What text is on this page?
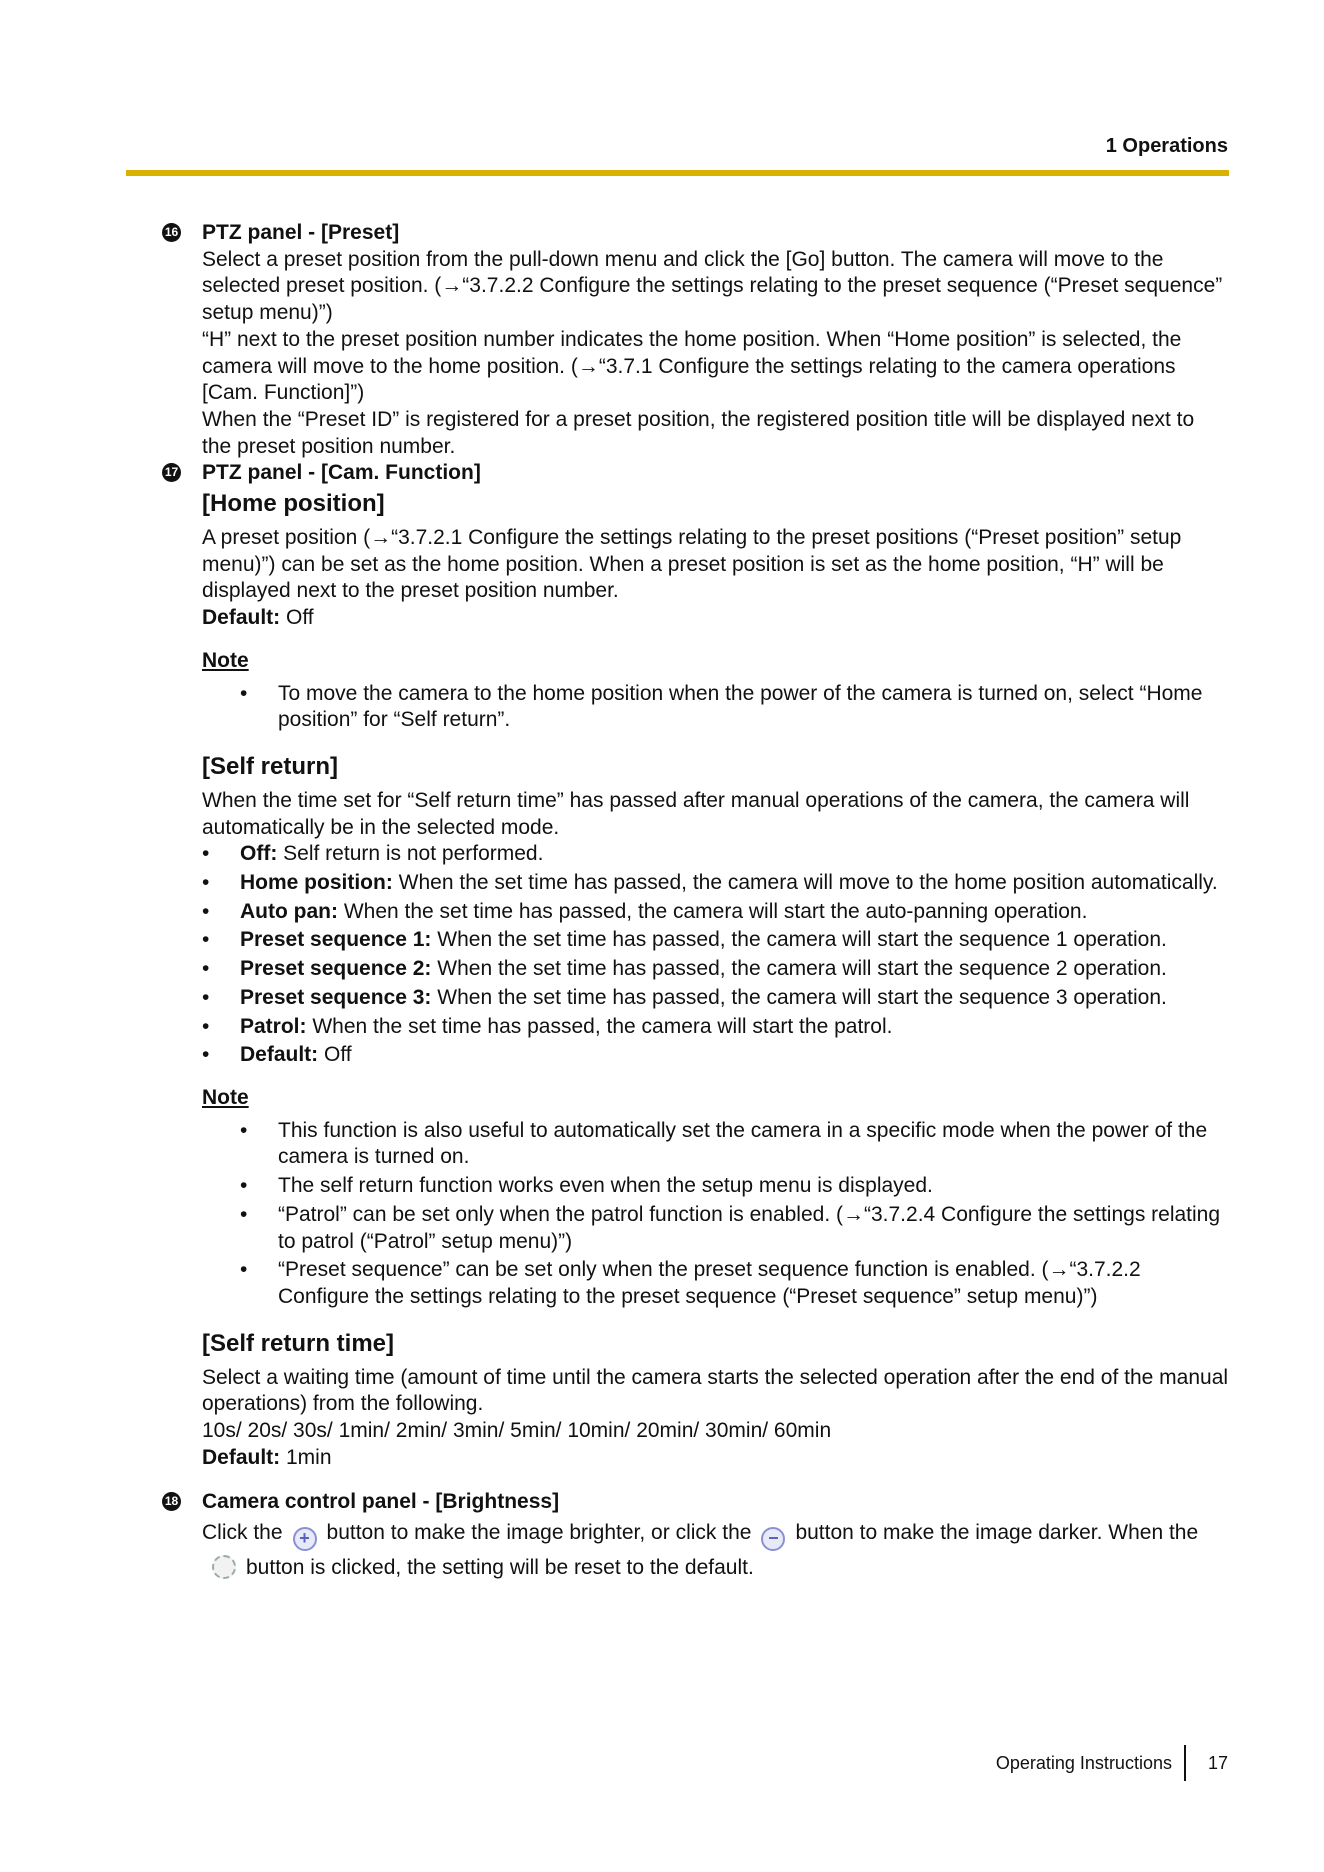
1 Operations
16 PTZ panel - [Preset]

Select a preset position from the pull-down menu and click the [Go] button. The camera will move to the selected preset position. (→“3.7.2.2 Configure the settings relating to the preset sequence (“Preset sequence” setup menu)”)

“H” next to the preset position number indicates the home position. When “Home position” is selected, the camera will move to the home position. (→“3.7.1 Configure the settings relating to the camera operations [Cam. Function]”)

When the “Preset ID” is registered for a preset position, the registered position title will be displayed next to the preset position number.

17 PTZ panel - [Cam. Function]
[Home position]

A preset position (→“3.7.2.1 Configure the settings relating to the preset positions (“Preset position” setup menu)”) can be set as the home position. When a preset position is set as the home position, “H” will be displayed next to the preset position number.

Default: Off

Note
• To move the camera to the home position when the power of the camera is turned on, select “Home position” for “Self return”.
[Self return]

When the time set for “Self return time” has passed after manual operations of the camera, the camera will automatically be in the selected mode.

• Off: Self return is not performed.
• Home position: When the set time has passed, the camera will move to the home position automatically.
• Auto pan: When the set time has passed, the camera will start the auto-panning operation.
• Preset sequence 1: When the set time has passed, the camera will start the sequence 1 operation.
• Preset sequence 2: When the set time has passed, the camera will start the sequence 2 operation.
• Preset sequence 3: When the set time has passed, the camera will start the sequence 3 operation.
• Patrol: When the set time has passed, the camera will start the patrol.
• Default: Off
Note
• This function is also useful to automatically set the camera in a specific mode when the power of the camera is turned on.
• The self return function works even when the setup menu is displayed.
• “Patrol” can be set only when the patrol function is enabled. (→“3.7.2.4 Configure the settings relating to patrol (“Patrol” setup menu)”)
• “Preset sequence” can be set only when the preset sequence function is enabled. (→“3.7.2.2 Configure the settings relating to the preset sequence (“Preset sequence” setup menu)”)
[Self return time]

Select a waiting time (amount of time until the camera starts the selected operation after the end of the manual operations) from the following.

10s/ 20s/ 30s/ 1min/ 2min/ 3min/ 5min/ 10min/ 20min/ 30min/ 60min

Default: 1min

18 Camera control panel - [Brightness]

Click the + button to make the image brighter, or click the − button to make the image darker. When thebutton is clicked, the setting will be reset to the default.

Operating Instructions 17
